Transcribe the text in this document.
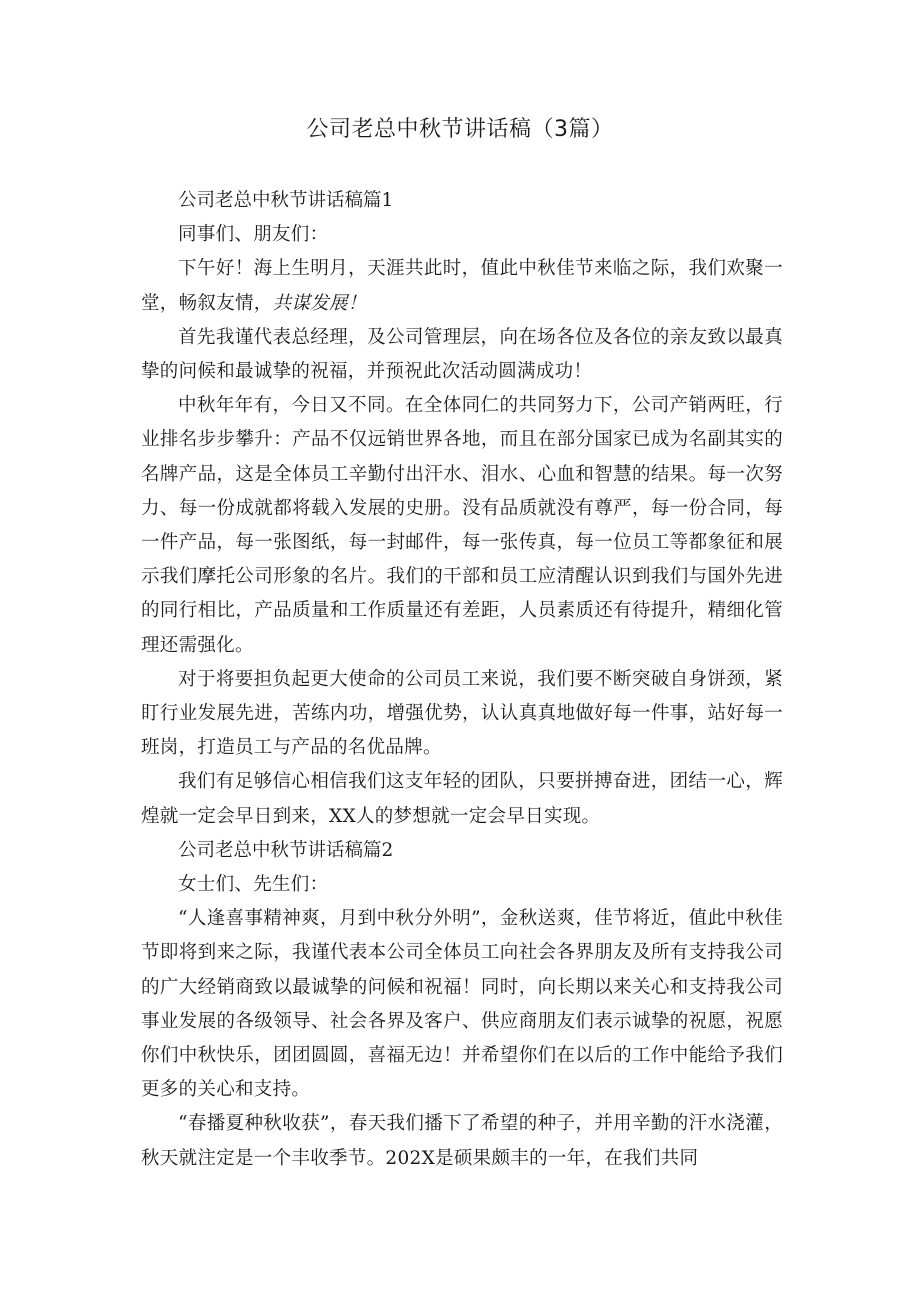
公司老总中秋节讲话稿（3篇）

公司老总中秋节讲话稿篇1

同事们、朋友们：

下午好！海上生明月，天涯共此时，值此中秋佳节来临之际，我们欢聚一堂，畅叙友情，共谋发展！

首先我谨代表总经理，及公司管理层，向在场各位及各位的亲友致以最真挚的问候和最诚挚的祝福，并预祝此次活动圆满成功！

中秋年年有，今日又不同。在全体同仁的共同努力下，公司产销两旺，行业排名步步攀升：产品不仅远销世界各地，而且在部分国家已成为名副其实的名牌产品，这是全体员工辛勤付出汗水、泪水、心血和智慧的结果。每一次努力、每一份成就都将载入发展的史册。没有品质就没有尊严，每一份合同，每一件产品，每一张图纸，每一封邮件，每一张传真，每一位员工等都象征和展示我们摩托公司形象的名片。我们的干部和员工应清醒认识到我们与国外先进的同行相比，产品质量和工作质量还有差距，人员素质还有待提升，精细化管理还需强化。

对于将要担负起更大使命的公司员工来说，我们要不断突破自身饼颈，紧盯行业发展先进，苦练内功，增强优势，认认真真地做好每一件事，站好每一班岗，打造员工与产品的名优品牌。

我们有足够信心相信我们这支年轻的团队，只要拼搏奋进，团结一心，辉煌就一定会早日到来，XX人的梦想就一定会早日实现。

公司老总中秋节讲话稿篇2

女士们、先生们：

“人逢喜事精神爽，月到中秋分外明”，金秋送爽，佳节将近，值此中秋佳节即将到来之际，我谨代表本公司全体员工向社会各界朋友及所有支持我公司的广大经销商致以最诚挚的问候和祝福！同时，向长期以来关心和支持我公司事业发展的各级领导、社会各界及客户、供应商朋友们表示诚挚的祝愿，祝愿你们中秋快乐，团团圆圆，喜福无边！并希望你们在以后的工作中能给予我们更多的关心和支持。

“春播夏种秋收获”，春天我们播下了希望的种子，并用辛勤的汗水浇灌，秋天就注定是一个丰收季节。202X是硕果颇丰的一年，在我们共同
